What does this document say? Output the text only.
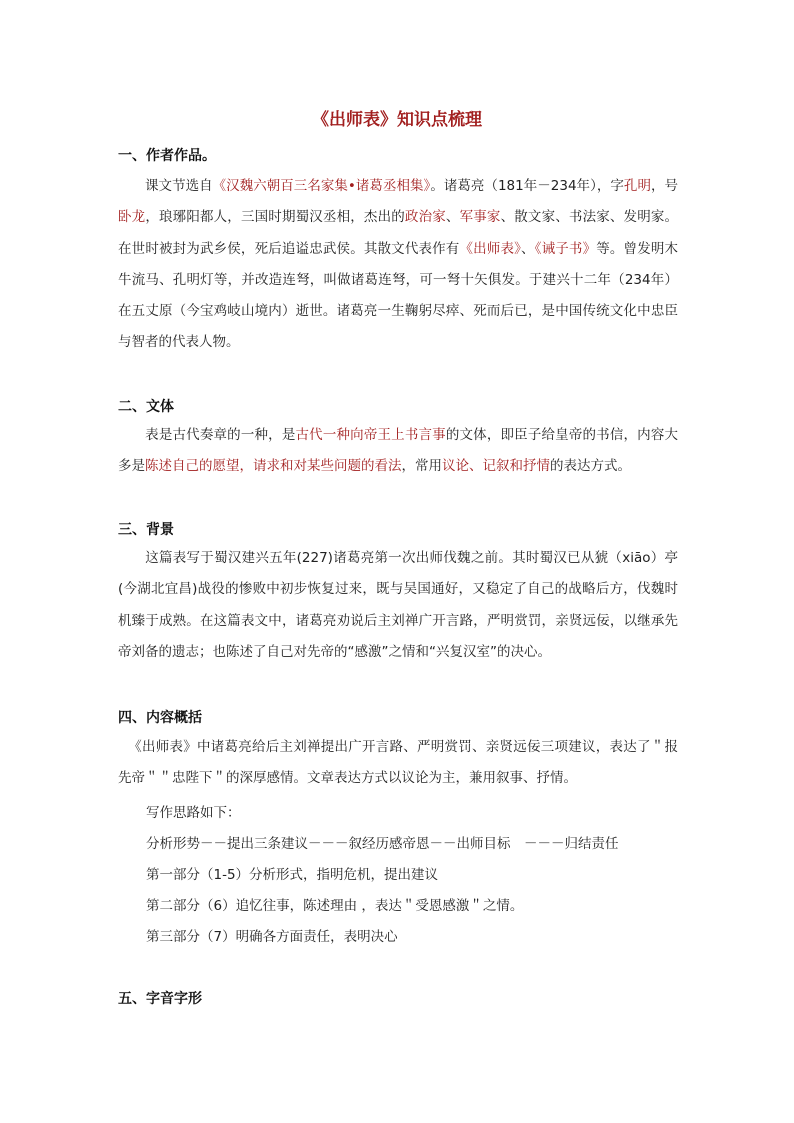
《出师表》知识点梳理
一、作者作品。
课文节选自《汉魏六朝百三名家集•诸葛丞相集》。诸葛亮（181年－234年），字孔明，号卧龙，琅琊阳都人，三国时期蜀汉丞相，杰出的政治家、军事家、散文家、书法家、发明家。在世时被封为武乡侯，死后追谥忠武侯。其散文代表作有《出师表》、《诫子书》等。曾发明木牛流马、孔明灯等，并改造连弩，叫做诸葛连弩，可一弩十矢俱发。于建兴十二年（234年）在五丈原（今宝鸡岐山境内）逝世。诸葛亮一生鞠躬尽瘁、死而后已，是中国传统文化中忠臣与智者的代表人物。
二、文体
表是古代奏章的一种，是古代一种向帝王上书言事的文体，即臣子给皇帝的书信，内容大多是陈述自己的愿望，请求和对某些问题的看法，常用议论、记叙和抒情的表达方式。
三、背景
这篇表写于蜀汉建兴五年(227)诸葛亮第一次出师伐魏之前。其时蜀汉已从猇（xiāo）亭(今湖北宜昌)战役的惨败中初步恢复过来，既与吴国通好，又稳定了自己的战略后方，伐魏时机臻于成熟。在这篇表文中，诸葛亮劝说后主刘禅广开言路，严明赏罚，亲贤远佞，以继承先帝刘备的遗志；也陈述了自己对先帝的“感激”之情和“兴复汉室”的决心。
四、内容概括
《出师表》中诸葛亮给后主刘禅提出广开言路、严明赏罚、亲贤远佞三项建议，表达了＂报先帝＂＂忠陛下＂的深厚感情。文章表达方式以议论为主，兼用叙事、抒情。
写作思路如下：
分析形势－－提出三条建议－－－叙经历感帝恩－－出师目标　－－－归结责任
第一部分（1-5）分析形式，指明危机，提出建议
第二部分（6）追忆往事，陈述理由 ，表达＂受恩感激＂之情。
第三部分（7）明确各方面责任，表明决心
五、字音字形
